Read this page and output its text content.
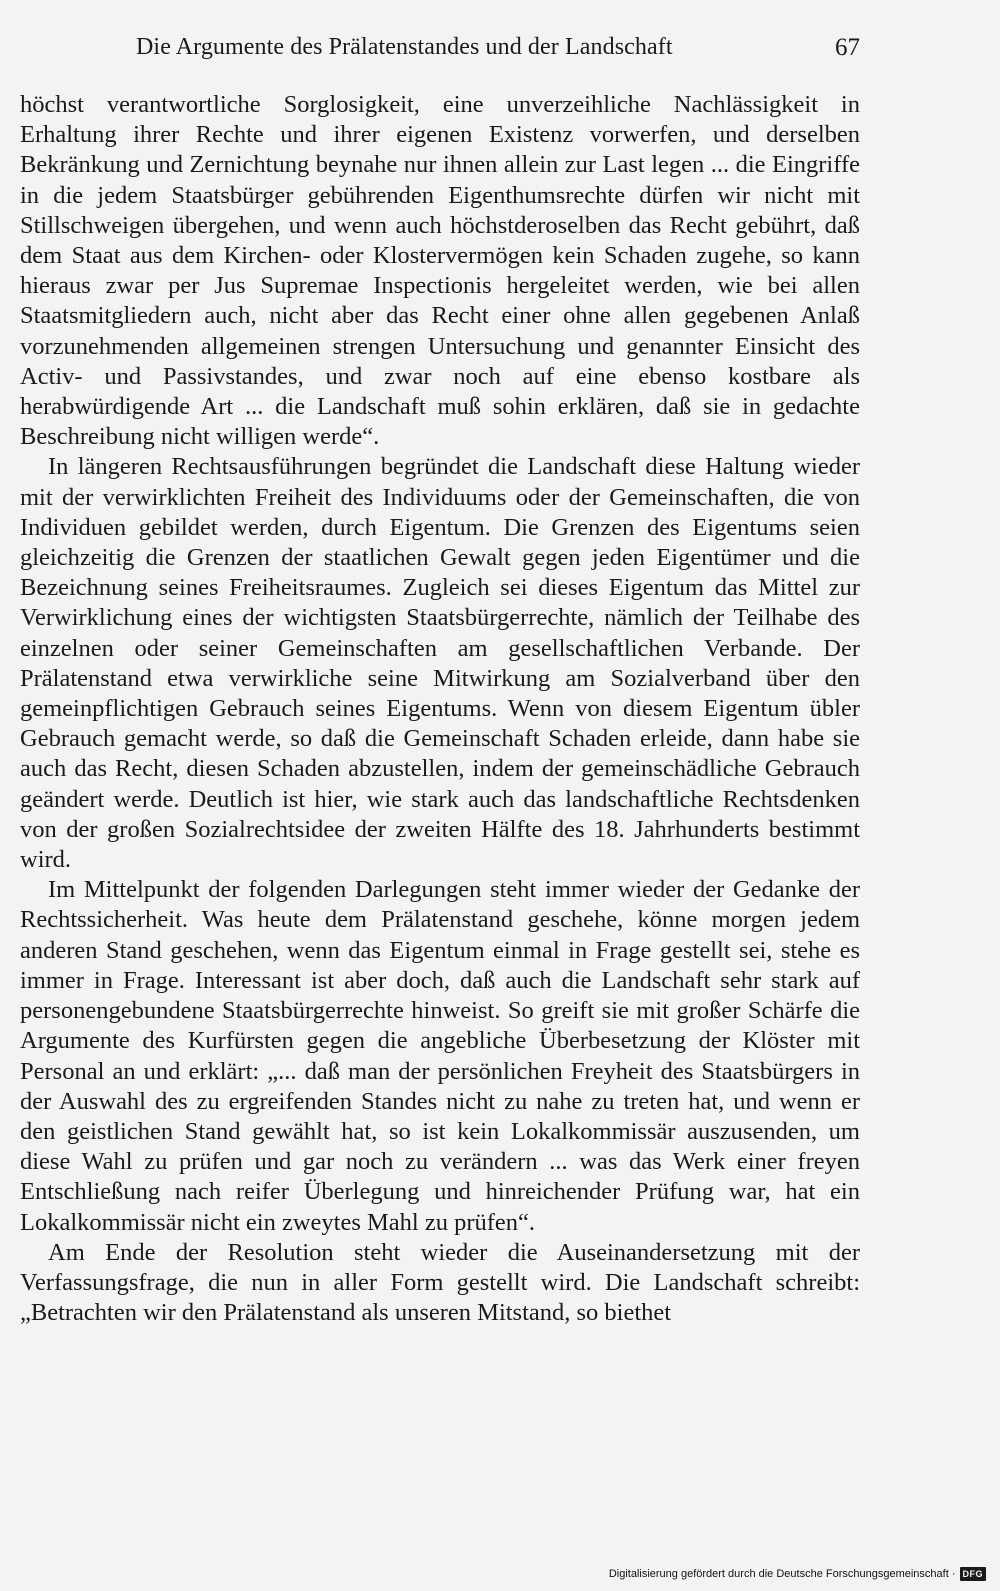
Die Argumente des Prälatenstandes und der Landschaft	67

höchst verantwortliche Sorglosigkeit, eine unverzeihliche Nachlässigkeit in Erhaltung ihrer Rechte und ihrer eigenen Existenz vorwerfen, und derselben Bekränkung und Zernichtung beynahe nur ihnen allein zur Last legen ... die Eingriffe in die jedem Staatsbürger gebührenden Eigenthumsrechte dürfen wir nicht mit Stillschweigen übergehen, und wenn auch höchstderoselben das Recht gebührt, daß dem Staat aus dem Kirchen- oder Klostervermögen kein Schaden zugehe, so kann hieraus zwar per Jus Supremae Inspectionis hergeleitet werden, wie bei allen Staatsmitgliedern auch, nicht aber das Recht einer ohne allen gegebenen Anlaß vorzunehmenden allgemeinen strengen Untersuchung und genannter Einsicht des Activ- und Passivstandes, und zwar noch auf eine ebenso kostbare als herabwürdigende Art ... die Landschaft muß sohin erklären, daß sie in gedachte Beschreibung nicht willigen werde“.

In längeren Rechtsausführungen begründet die Landschaft diese Haltung wieder mit der verwirklichten Freiheit des Individuums oder der Gemeinschaften, die von Individuen gebildet werden, durch Eigentum. Die Grenzen des Eigentums seien gleichzeitig die Grenzen der staatlichen Gewalt gegen jeden Eigentümer und die Bezeichnung seines Freiheitsraumes. Zugleich sei dieses Eigentum das Mittel zur Verwirklichung eines der wichtigsten Staatsbürgerrechte, nämlich der Teilhabe des einzelnen oder seiner Gemeinschaften am gesellschaftlichen Verbande. Der Prälatenstand etwa verwirkliche seine Mitwirkung am Sozialverband über den gemeinpflichtigen Gebrauch seines Eigentums. Wenn von diesem Eigentum übler Gebrauch gemacht werde, so daß die Gemeinschaft Schaden erleide, dann habe sie auch das Recht, diesen Schaden abzustellen, indem der gemeinschädliche Gebrauch geändert werde. Deutlich ist hier, wie stark auch das landschaftliche Rechtsdenken von der großen Sozialrechtsidee der zweiten Hälfte des 18. Jahrhunderts bestimmt wird.

Im Mittelpunkt der folgenden Darlegungen steht immer wieder der Gedanke der Rechtssicherheit. Was heute dem Prälatenstand geschehe, könne morgen jedem anderen Stand geschehen, wenn das Eigentum einmal in Frage gestellt sei, stehe es immer in Frage. Interessant ist aber doch, daß auch die Landschaft sehr stark auf personengebundene Staatsbürgerrechte hinweist. So greift sie mit großer Schärfe die Argumente des Kurfürsten gegen die angebliche Überbesetzung der Klöster mit Personal an und erklärt: „... daß man der persönlichen Freyheit des Staatsbürgers in der Auswahl des zu ergreifenden Standes nicht zu nahe zu treten hat, und wenn er den geistlichen Stand gewählt hat, so ist kein Lokalkommissär auszusenden, um diese Wahl zu prüfen und gar noch zu verändern ... was das Werk einer freyen Entschließung nach reifer Überlegung und hinreichender Prüfung war, hat ein Lokalkommissär nicht ein zweytes Mahl zu prüfen“.

Am Ende der Resolution steht wieder die Auseinandersetzung mit der Verfassungsfrage, die nun in aller Form gestellt wird. Die Landschaft schreibt: „Betrachten wir den Prälatenstand als unseren Mitstand, so biethet

Digitalisierung gefördert durch die Deutsche Forschungsgemeinschaft · DFG
